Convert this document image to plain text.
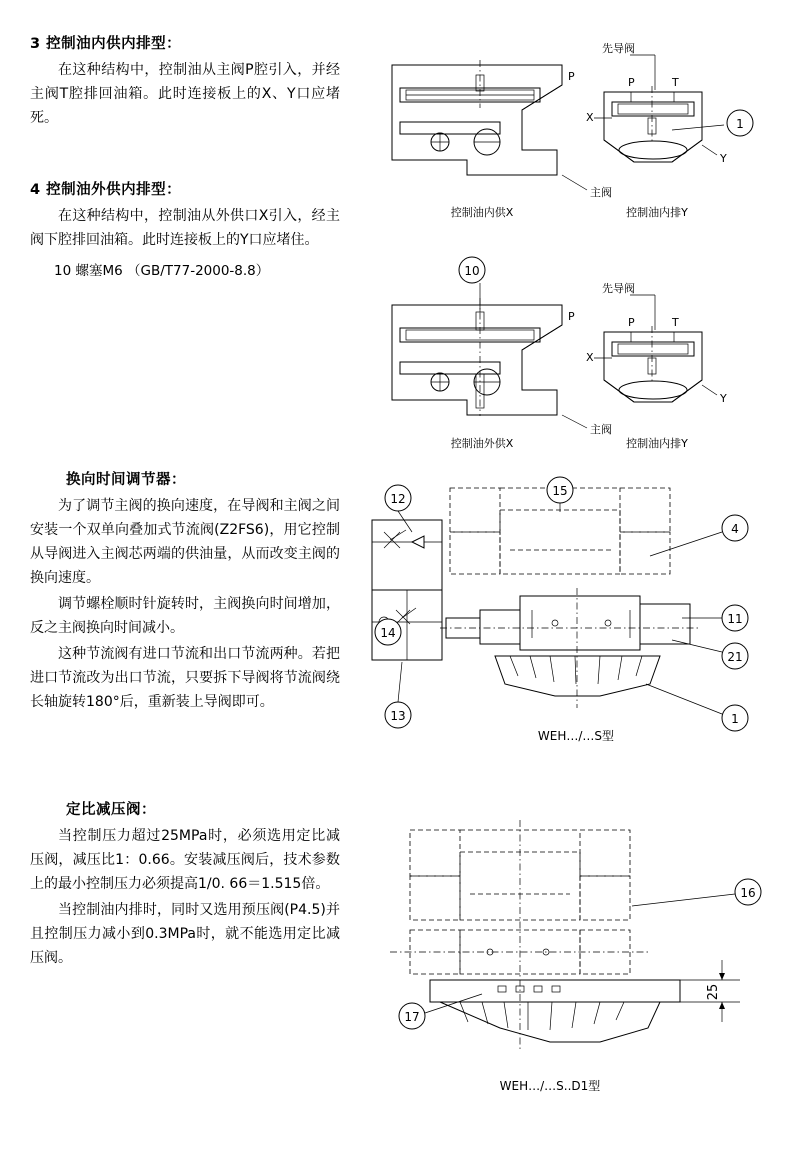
3 控制油内供内排型：
在这种结构中，控制油从主阀P腔引入，并经主阀T腔排回油箱。此时连接板上的X、Y口应堵死。
4 控制油外供内排型：
在这种结构中，控制油从外供口X引入，经主阀下腔排回油箱。此时连接板上的Y口应堵住。
10 螺塞M6 （GB/T77-2000-8.8）
换向时间调节器：
为了调节主阀的换向速度，在导阀和主阀之间安装一个双单向叠加式节流阀(Z2FS6)，用它控制从导阀进入主阀芯两端的供油量，从而改变主阀的换向速度。
调节螺栓顺时针旋转时，主阀换向时间增加，反之主阀换向时间减小。
这种节流阀有进口节流和出口节流两种。若把进口节流改为出口节流，只要拆下导阀将节流阀绕长轴旋转180°后，重新装上导阀即可。
定比减压阀：
当控制压力超过25MPa时，必须选用定比减压阀，减压比1：0.66。安装减压阀后，技术参数上的最小控制压力必须提高1/0. 66＝1.515倍。
当控制油内排时，同时又选用预压阀(P4.5)并且控制压力减小到0.3MPa时，就不能选用定比减压阀。
1
先导阀
P	P	T
X
Y
主阀
控制油内供X	控制油内排Y
10
先导阀
P	P	T
X
Y
主阀
控制油外供X	控制油内排Y
12
13
14
15
4
11
21
1
WEH…/…S型
25
16
17
WEH…/…S..D1型
